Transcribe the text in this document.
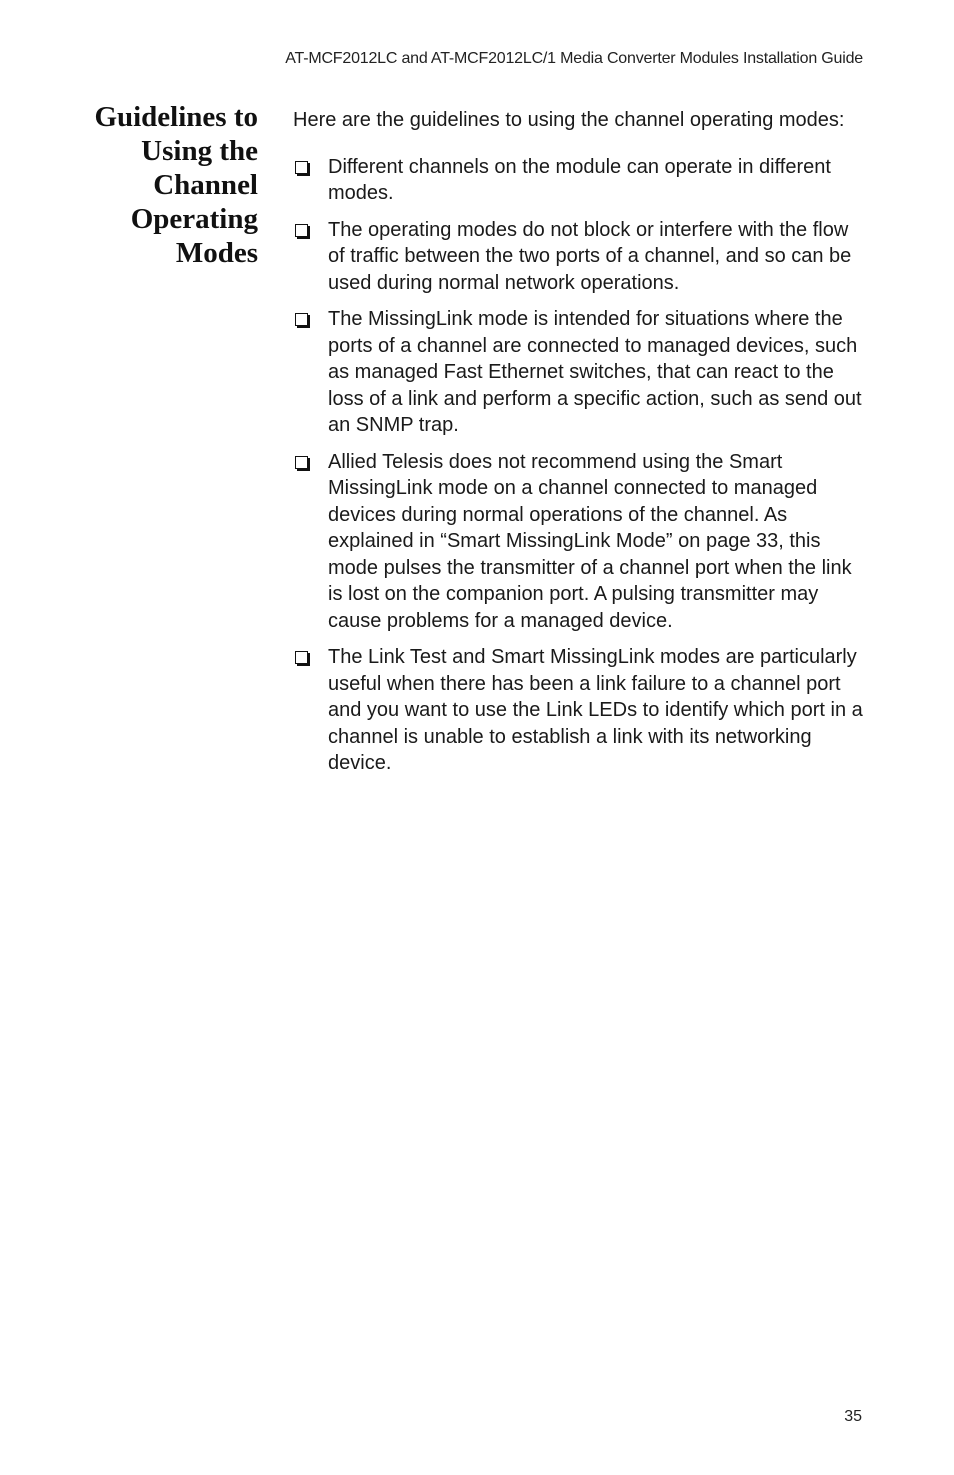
AT-MCF2012LC and AT-MCF2012LC/1 Media Converter Modules Installation Guide
Guidelines to
Using the
Channel
Operating
Modes

Here are the guidelines to using the channel operating modes:

Different channels on the module can operate in different modes.
The operating modes do not block or interfere with the flow of traffic between the two ports of a channel, and so can be used during normal network operations.
The MissingLink mode is intended for situations where the ports of a channel are connected to managed devices, such as managed Fast Ethernet switches, that can react to the loss of a link and perform a specific action, such as send out an SNMP trap.
Allied Telesis does not recommend using the Smart MissingLink mode on a channel connected to managed devices during normal operations of the channel. As explained in “Smart MissingLink Mode” on page 33, this mode pulses the transmitter of a channel port when the link is lost on the companion port. A pulsing transmitter may cause problems for a managed device.
The Link Test and Smart MissingLink modes are particularly useful when there has been a link failure to a channel port and you want to use the Link LEDs to identify which port in a channel is unable to establish a link with its networking device.
35
